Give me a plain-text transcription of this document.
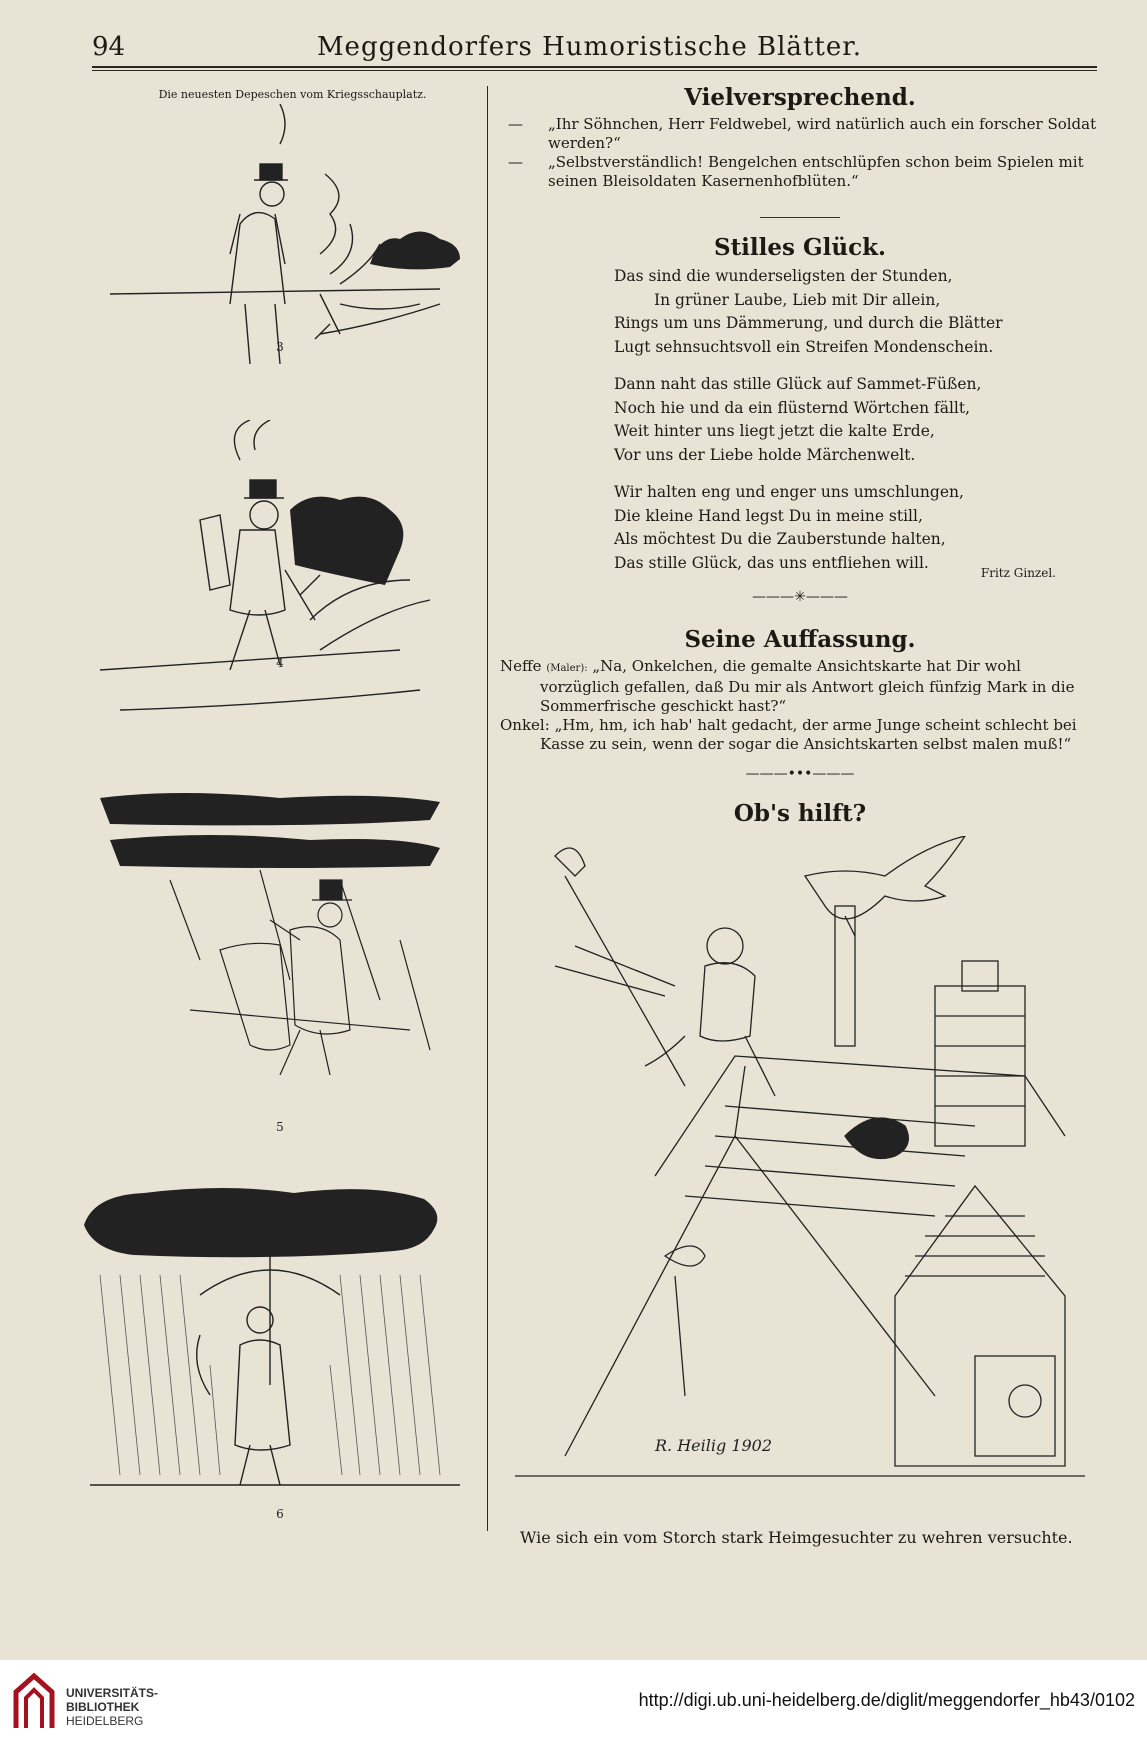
94	Meggendorfers Humoristische Blätter.
Die neuesten Depeschen vom Kriegsschauplatz.
3
4
5
6
Vielversprechend.
— „Ihr Söhnchen, Herr Feldwebel, wird natürlich auch ein forscher Soldat werden?“

— „Selbstverständlich! Bengelchen entschlüpfen schon beim Spielen mit seinen Bleisoldaten Kasernenhofblüten.“

Stilles Glück.

Das sind die wunderseligsten der Stunden,

In grüner Laube, Lieb mit Dir allein,

Rings um uns Dämmerung, und durch die Blätter

Lugt sehnsuchtsvoll ein Streifen Mondenschein.

Dann naht das stille Glück auf Sammet-Füßen,

Noch hie und da ein flüsternd Wörtchen fällt,

Weit hinter uns liegt jetzt die kalte Erde,

Vor uns der Liebe holde Märchenwelt.

Wir halten eng und enger uns umschlungen,

Die kleine Hand legst Du in meine still,

Als möchtest Du die Zauberstunde halten,

Das stille Glück, das uns entfliehen will.

Fritz Ginzel.
———✳———
Seine Auffassung.

Neffe (Maler): „Na, Onkelchen, die gemalte Ansichtskarte hat Dir wohl vorzüglich gefallen, daß Du mir als Antwort gleich fünfzig Mark in die Sommerfrische geschickt hast?“

Onkel: „Hm, hm, ich hab' halt gedacht, der arme Junge scheint schlecht bei Kasse zu sein, wenn der sogar die Ansichtskarten selbst malen muß!“

———•••———
Ob's hilft?
R. Heilig 1902
Wie sich ein vom Storch stark Heimgesuchter zu wehren versuchte.
UNIVERSITÄTS-
BIBLIOTHEK
HEIDELBERG
http://digi.ub.uni-heidelberg.de/diglit/meggendorfer_hb43/0102
